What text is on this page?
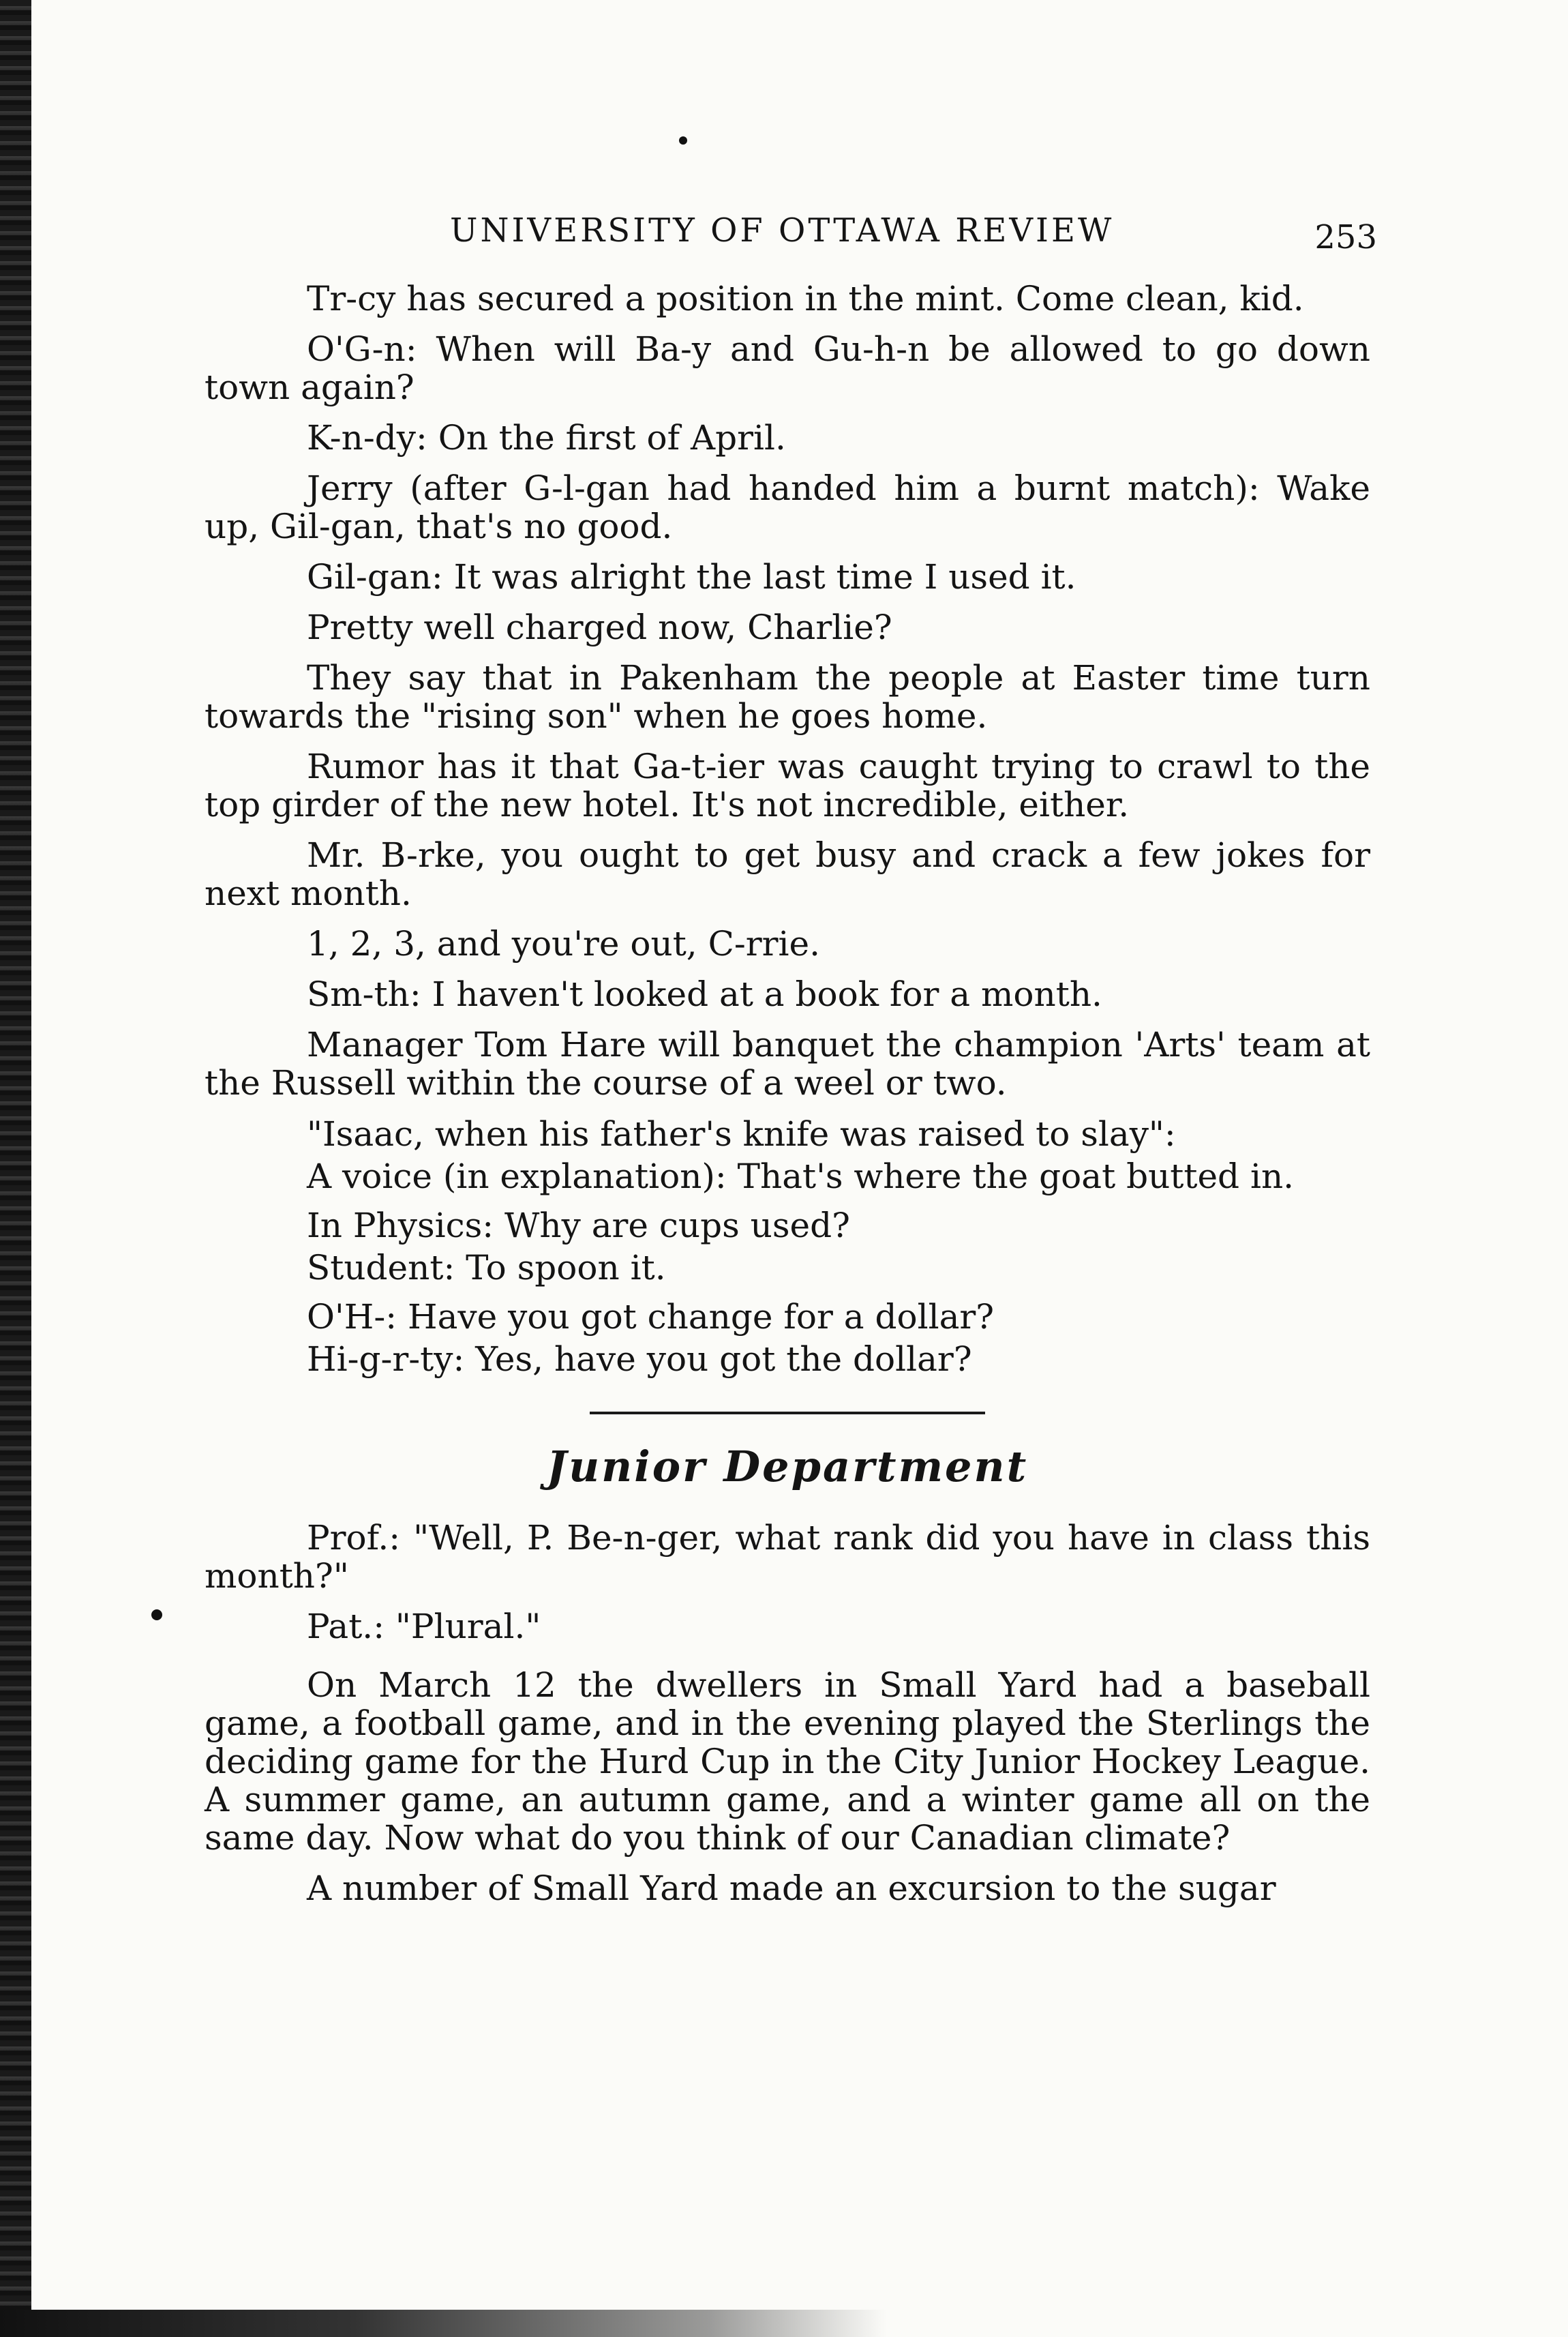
UNIVERSITY OF OTTAWA REVIEW	253

Tr-cy has secured a position in the mint. Come clean, kid.

O'G-n: When will Ba-y and Gu-h-n be allowed to go down town again?

K-n-dy: On the first of April.

Jerry (after G-l-gan had handed him a burnt match): Wake up, Gil-gan, that's no good.

Gil-gan: It was alright the last time I used it.

Pretty well charged now, Charlie?

They say that in Pakenham the people at Easter time turn towards the "rising son" when he goes home.

Rumor has it that Ga-t-ier was caught trying to crawl to the top girder of the new hotel. It's not incredible, either.

Mr. B-rke, you ought to get busy and crack a few jokes for next month.

1, 2, 3, and you're out, C-rrie.

Sm-th: I haven't looked at a book for a month.

Manager Tom Hare will banquet the champion 'Arts' team at the Russell within the course of a weel or two.

"Isaac, when his father's knife was raised to slay":

A voice (in explanation): That's where the goat butted in.

In Physics: Why are cups used?

Student: To spoon it.

O'H-: Have you got change for a dollar?

Hi-g-r-ty: Yes, have you got the dollar?

Junior Department

Prof.: "Well, P. Be-n-ger, what rank did you have in class this month?"

Pat.: "Plural."

On March 12 the dwellers in Small Yard had a baseball game, a football game, and in the evening played the Sterlings the deciding game for the Hurd Cup in the City Junior Hockey League. A summer game, an autumn game, and a winter game all on the same day. Now what do you think of our Canadian climate?

A number of Small Yard made an excursion to the sugar
